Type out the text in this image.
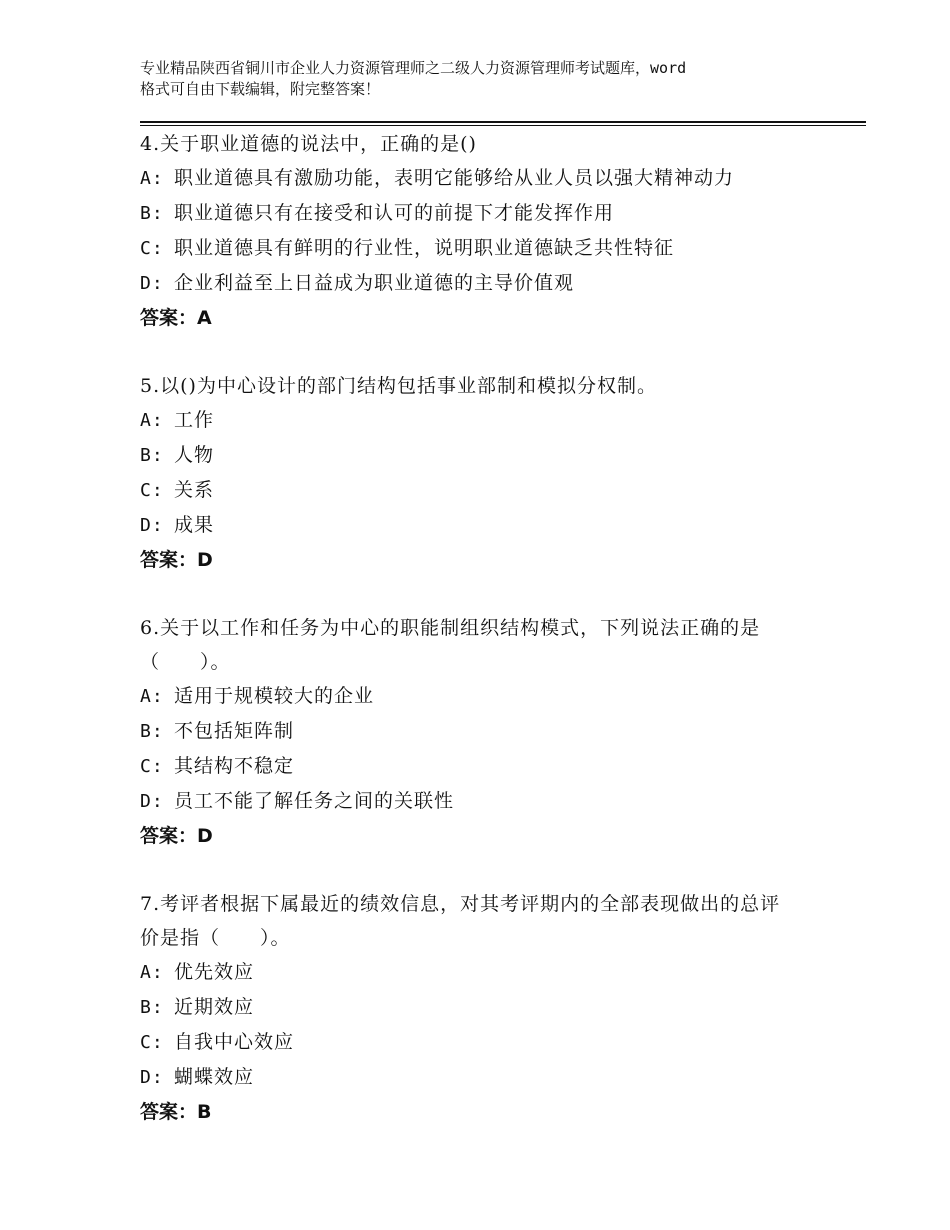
专业精品陕西省铜川市企业人力资源管理师之二级人力资源管理师考试题库，word
格式可自由下载编辑，附完整答案！
4.关于职业道德的说法中，正确的是()
A: 职业道德具有激励功能，表明它能够给从业人员以强大精神动力
B: 职业道德只有在接受和认可的前提下才能发挥作用
C: 职业道德具有鲜明的行业性，说明职业道德缺乏共性特征
D: 企业利益至上日益成为职业道德的主导价值观
答案：A
5.以()为中心设计的部门结构包括事业部制和模拟分权制。
A: 工作
B: 人物
C: 关系
D: 成果
答案：D
6.关于以工作和任务为中心的职能制组织结构模式，下列说法正确的是（　　）。
A: 适用于规模较大的企业
B: 不包括矩阵制
C: 其结构不稳定
D: 员工不能了解任务之间的关联性
答案：D
7.考评者根据下属最近的绩效信息，对其考评期内的全部表现做出的总评价是指（　　）。
A: 优先效应
B: 近期效应
C: 自我中心效应
D: 蝴蝶效应
答案：B
